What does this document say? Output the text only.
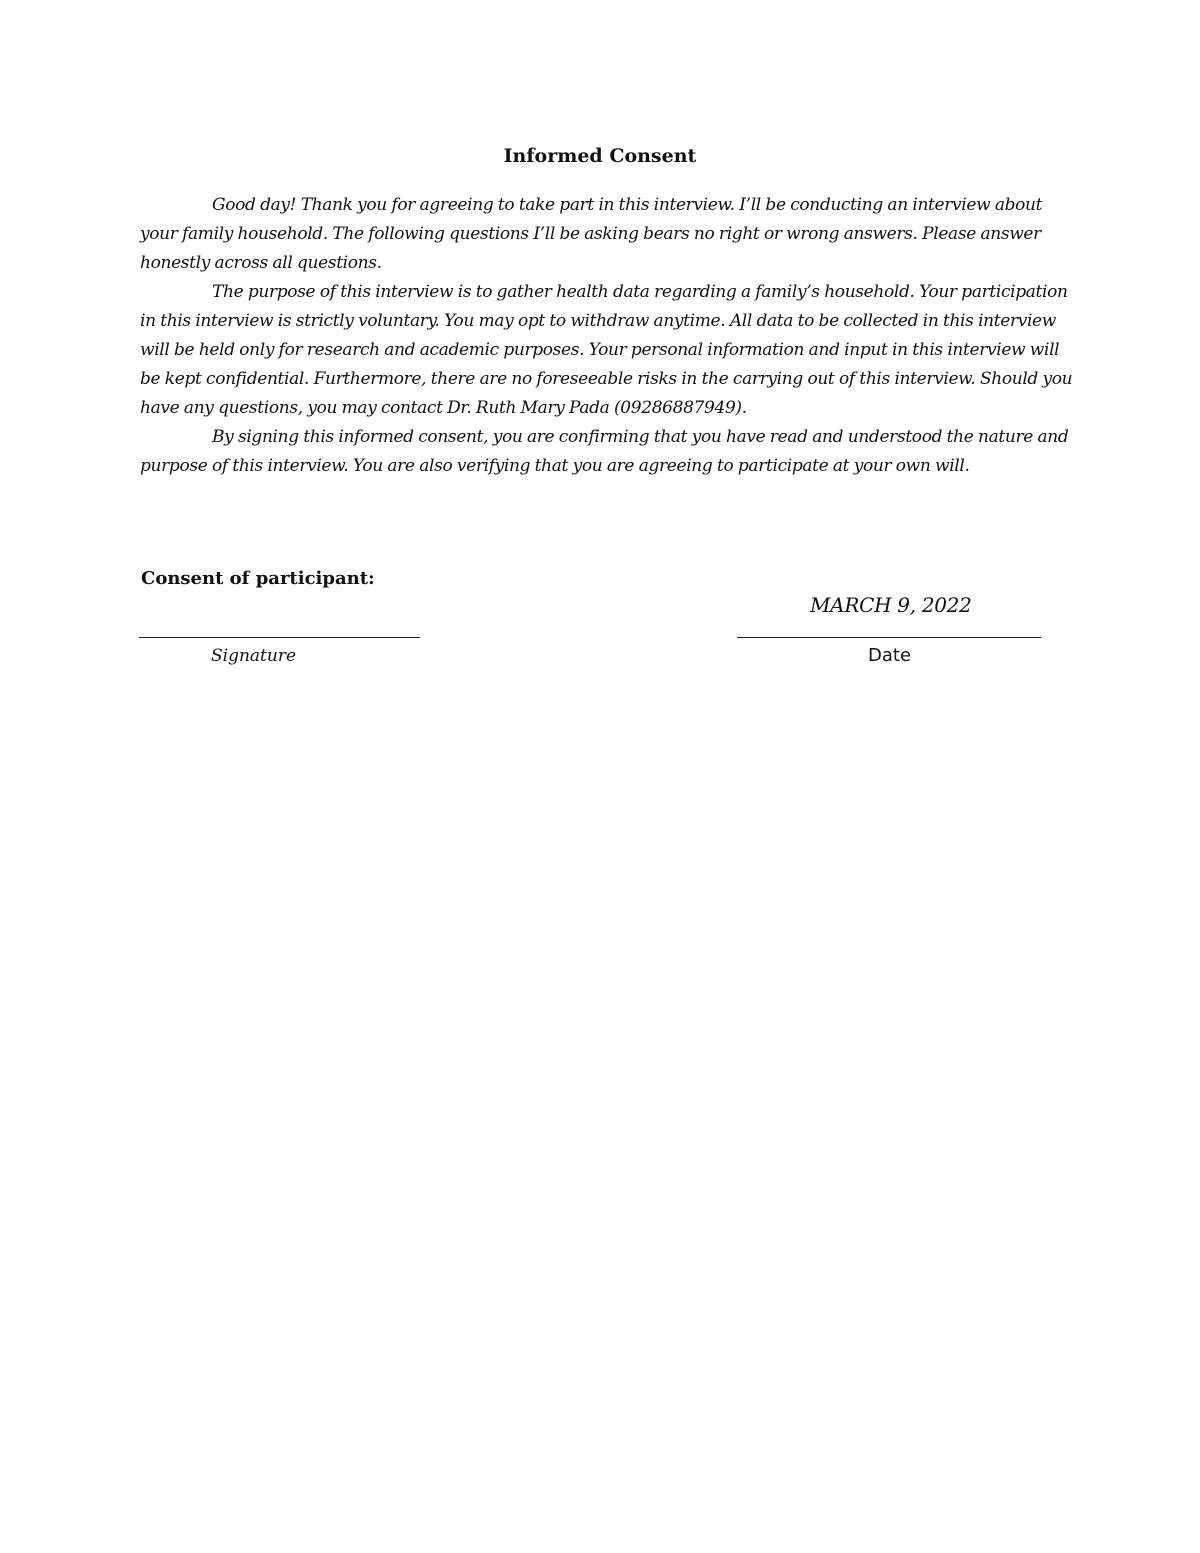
Informed Consent

Good day! Thank you for agreeing to take part in this interview. I’ll be conducting an interview about your family household. The following questions I’ll be asking bears no right or wrong answers. Please answer honestly across all questions.

The purpose of this interview is to gather health data regarding a family’s household. Your participation in this interview is strictly voluntary. You may opt to withdraw anytime. All data to be collected in this interview will be held only for research and academic purposes. Your personal information and input in this interview will be kept confidential. Furthermore, there are no foreseeable risks in the carrying out of this interview. Should you have any questions, you may contact Dr. Ruth Mary Pada (09286887949).

By signing this informed consent, you are confirming that you have read and understood the nature and purpose of this interview. You are also verifying that you are agreeing to participate at your own will.

Consent of participant:
MARCH 9, 2022
Signature	Date
